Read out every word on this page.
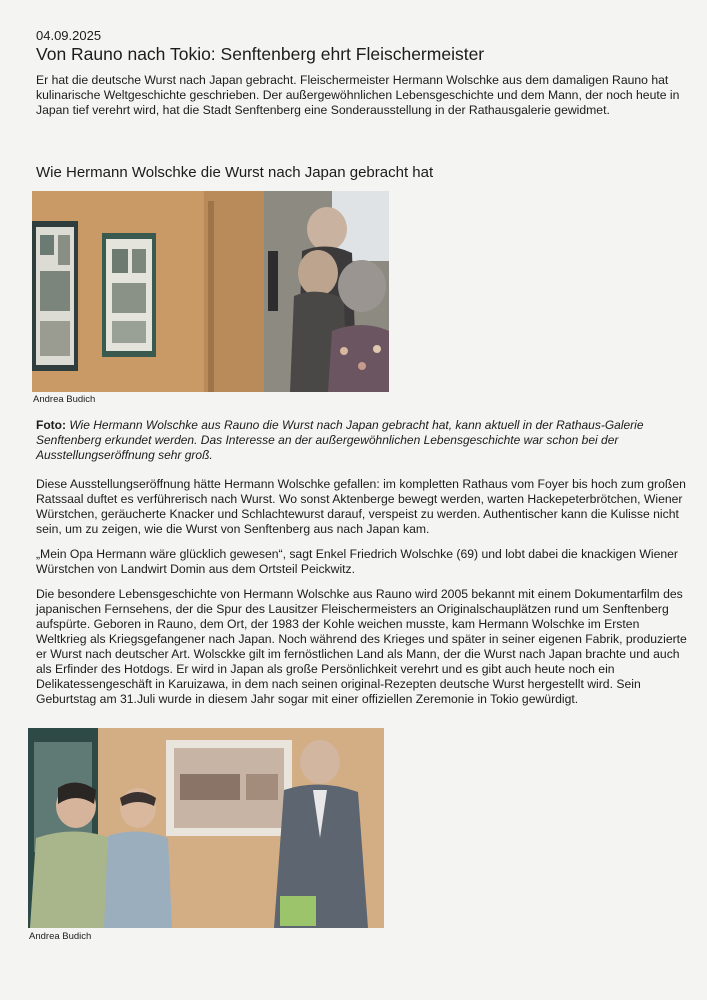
04.09.2025
Von Rauno nach Tokio: Senftenberg ehrt Fleischermeister

Er hat die deutsche Wurst nach Japan gebracht. Fleischermeister Hermann Wolschke aus dem damaligen Rauno hat kulinarische Weltgeschichte geschrieben. Der außergewöhnlichen Lebensgeschichte und dem Mann, der noch heute in Japan tief verehrt wird, hat die Stadt Senftenberg eine Sonderausstellung in der Rathausgalerie gewidmet.

Wie Hermann Wolschke die Wurst nach Japan gebracht hat
Andrea Budich

Foto: Wie Hermann Wolschke aus Rauno die Wurst nach Japan gebracht hat, kann aktuell in der Rathaus-Galerie Senftenberg erkundet werden. Das Interesse an der außergewöhnlichen Lebensgeschichte war schon bei der Ausstellungseröffnung sehr groß.

Diese Ausstellungseröffnung hätte Hermann Wolschke gefallen: im kompletten Rathaus vom Foyer bis hoch zum großen Ratssaal duftet es verführerisch nach Wurst. Wo sonst Aktenberge bewegt werden, warten Hackepeterbrötchen, Wiener Würstchen, geräucherte Knacker und Schlachtewurst darauf, verspeist zu werden. Authentischer kann die Kulisse nicht sein, um zu zeigen, wie die Wurst von Senftenberg aus nach Japan kam.

„Mein Opa Hermann wäre glücklich gewesen“, sagt Enkel Friedrich Wolschke (69) und lobt dabei die knackigen Wiener Würstchen von Landwirt Domin aus dem Ortsteil Peickwitz.

Die besondere Lebensgeschichte von Hermann Wolschke aus Rauno wird 2005 bekannt mit einem Dokumentarfilm des japanischen Fernsehens, der die Spur des Lausitzer Fleischermeisters an Originalschauplätzen rund um Senftenberg aufspürte. Geboren in Rauno, dem Ort, der 1983 der Kohle weichen musste, kam Hermann Wolschke im Ersten Weltkrieg als Kriegsgefangener nach Japan. Noch während des Krieges und später in seiner eigenen Fabrik, produzierte er Wurst nach deutscher Art. Wolsckke gilt im fernöstlichen Land als Mann, der die Wurst nach Japan brachte und auch als Erfinder des Hotdogs. Er wird in Japan als große Persönlichkeit verehrt und es gibt auch heute noch ein Delikatessengeschäft in Karuizawa, in dem nach seinen original-Rezepten deutsche Wurst hergestellt wird. Sein Geburtstag am 31.Juli wurde in diesem Jahr sogar mit einer offiziellen Zeremonie in Tokio gewürdigt.

Andrea Budich
